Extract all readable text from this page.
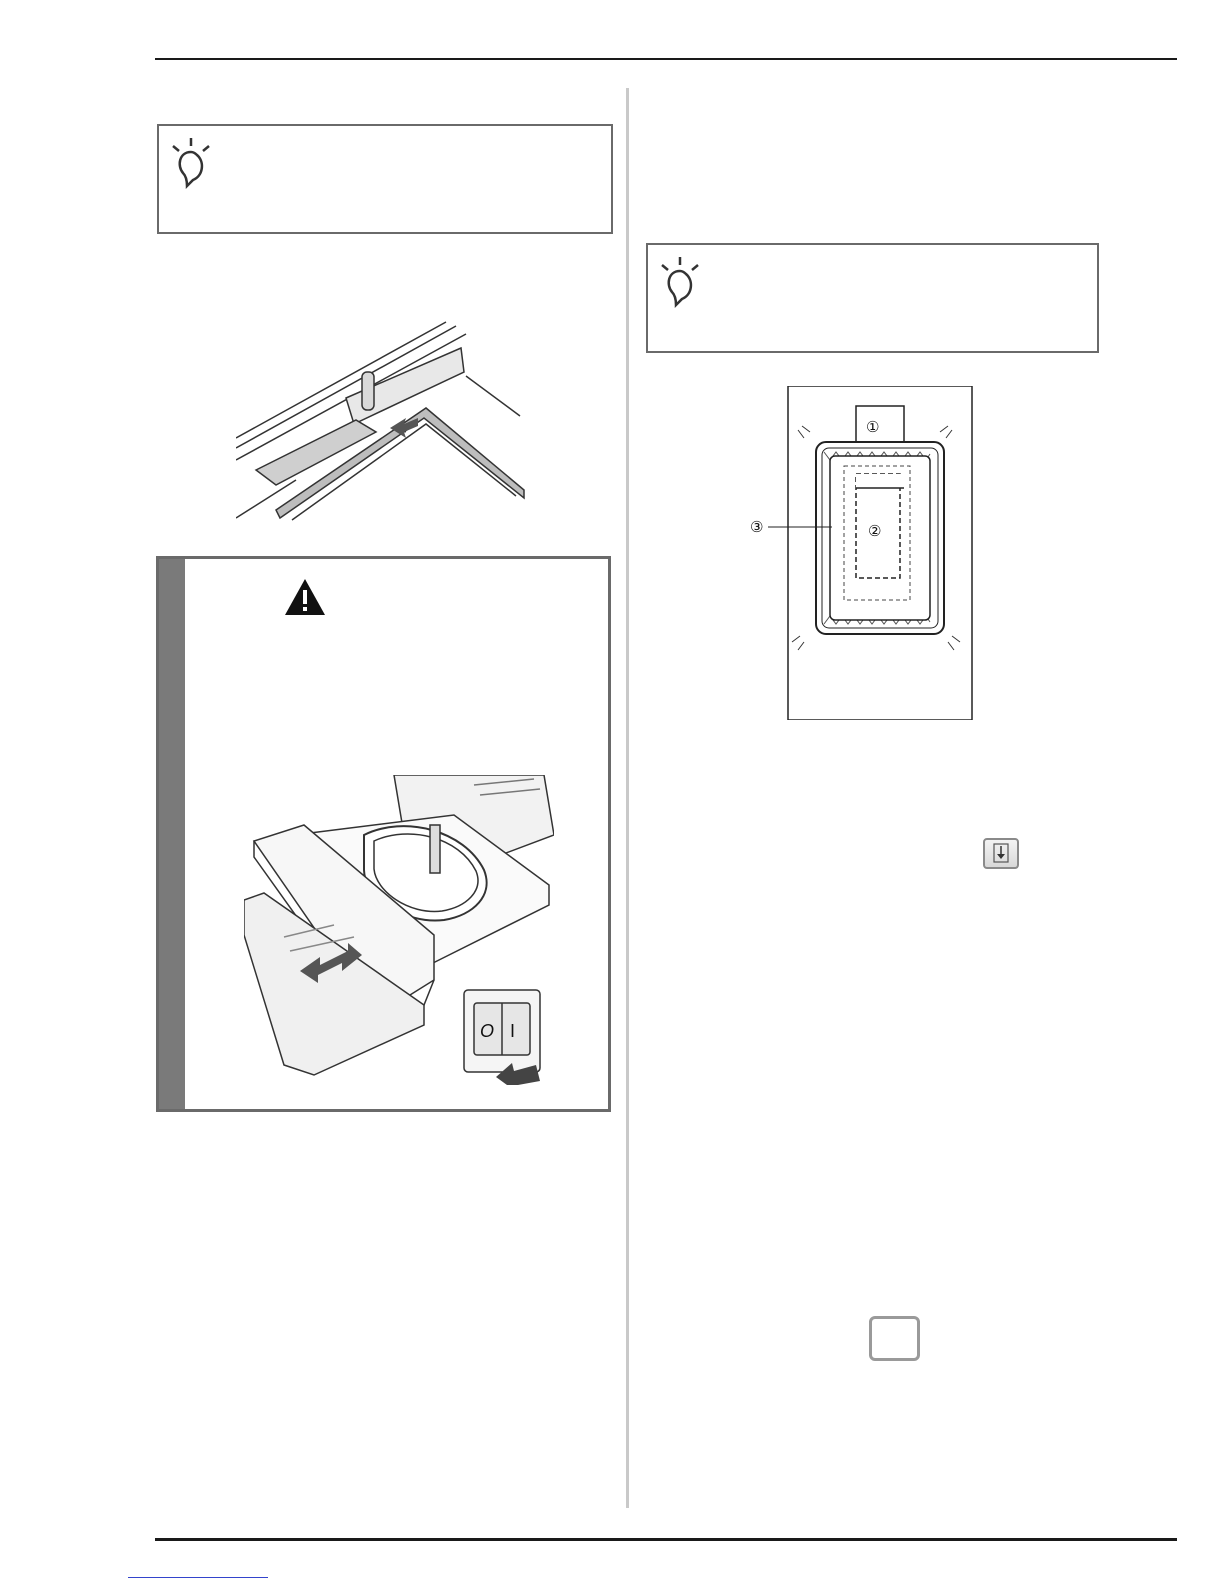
O I
①
②
③
